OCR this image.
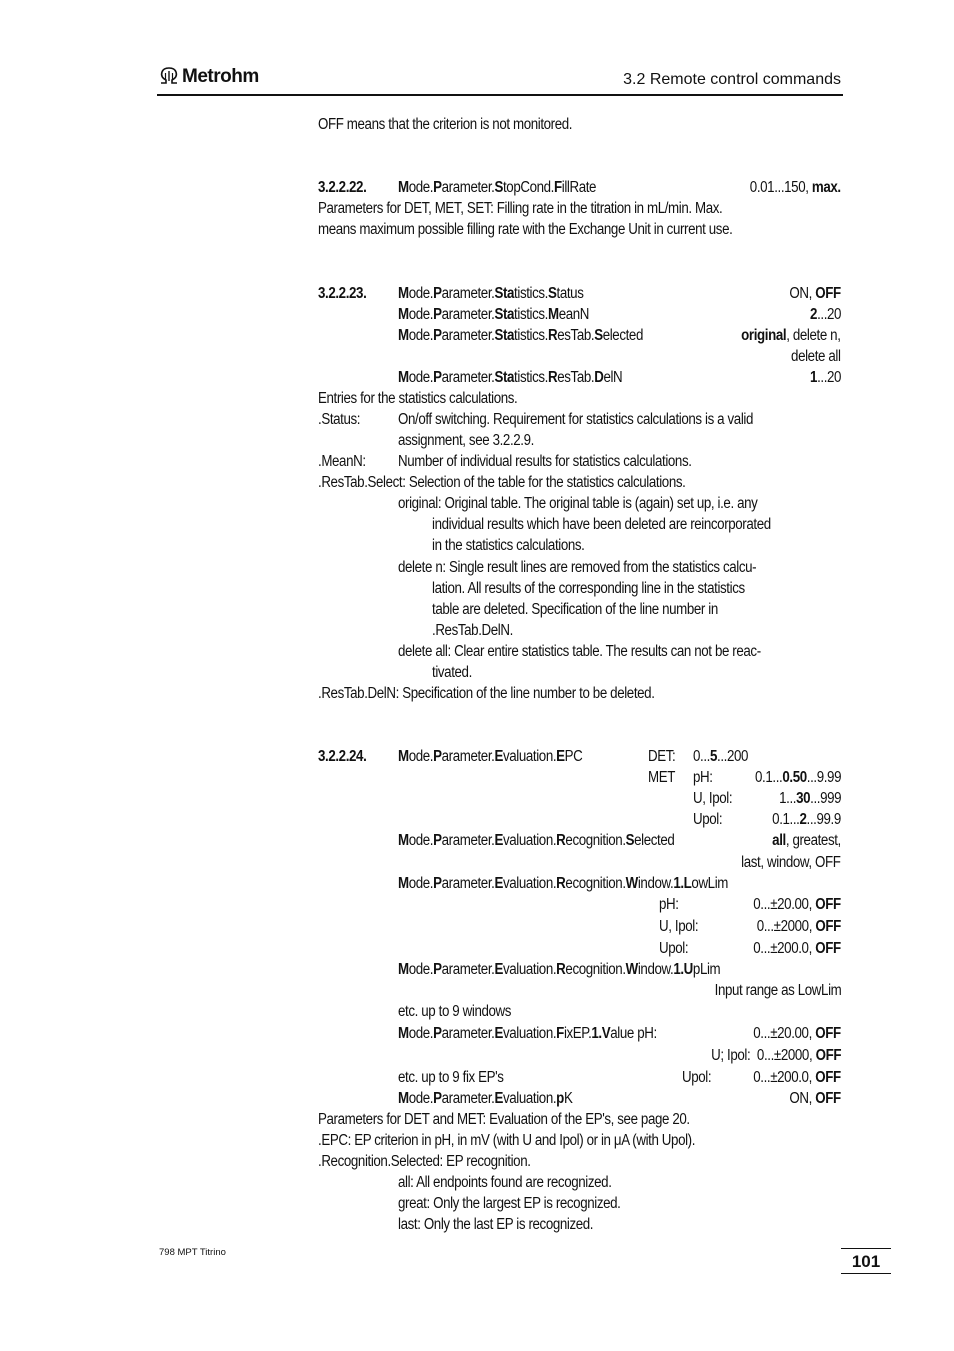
Metrohm	3.2 Remote control commands
OFF means that the criterion is not monitored.
3.2.2.22. Mode.Parameter.StopCond.FillRate	0.01...150, max.
Parameters for DET, MET, SET: Filling rate in the titration in mL/min. Max.
means maximum possible filling rate with the Exchange Unit in current use.
3.2.2.23. Mode.Parameter.Statistics.Status	ON, OFF
Mode.Parameter.Statistics.MeanN	2...20
Mode.Parameter.Statistics.ResTab.Selected	original, delete n,
delete all
Mode.Parameter.Statistics.ResTab.DelN	1...20
Entries for the statistics calculations.
.Status: On/off switching. Requirement for statistics calculations is a valid
assignment, see 3.2.2.9.
.MeanN: Number of individual results for statistics calculations.
.ResTab.Select: Selection of the table for the statistics calculations.
original: Original table. The original table is (again) set up, i.e. any
individual results which have been deleted are reincorporated
in the statistics calculations.
delete n: Single result lines are removed from the statistics calcu-
lation. All results of the corresponding line in the statistics
table are deleted. Specification of the line number in
.ResTab.DelN.
delete all: Clear entire statistics table. The results can not be reac-
tivated.
.ResTab.DelN: Specification of the line number to be deleted.
3.2.2.24. Mode.Parameter.Evaluation.EPC	DET: 0...5...200
MET pH:	0.1...0.50...9.99
U, Ipol:	1...30...999
Upol:	0.1...2...99.9
Mode.Parameter.Evaluation.Recognition.Selected	all, greatest,
last, window, OFF
Mode.Parameter.Evaluation.Recognition.Window.1.LowLim
pH:	0...±20.00, OFF
U, Ipol:	0...±2000, OFF
Upol:	0...±200.0, OFF
Mode.Parameter.Evaluation.Recognition.Window.1.UpLim
Input range as LowLim
etc. up to 9 windows
Mode.Parameter.Evaluation.FixEP.1.Value pH:	0...±20.00, OFF
U; Ipol: 0...±2000, OFF
etc. up to 9 fix EP's	Upol:	0...±200.0, OFF
Mode.Parameter.Evaluation.pK	ON, OFF
Parameters for DET and MET: Evaluation of the EP's, see page 20.
.EPC: EP criterion in pH, in mV (with U and Ipol) or in μA (with Upol).
.Recognition.Selected: EP recognition.
all: All endpoints found are recognized.
great: Only the largest EP is recognized.
last: Only the last EP is recognized.
798 MPT Titrino	101
